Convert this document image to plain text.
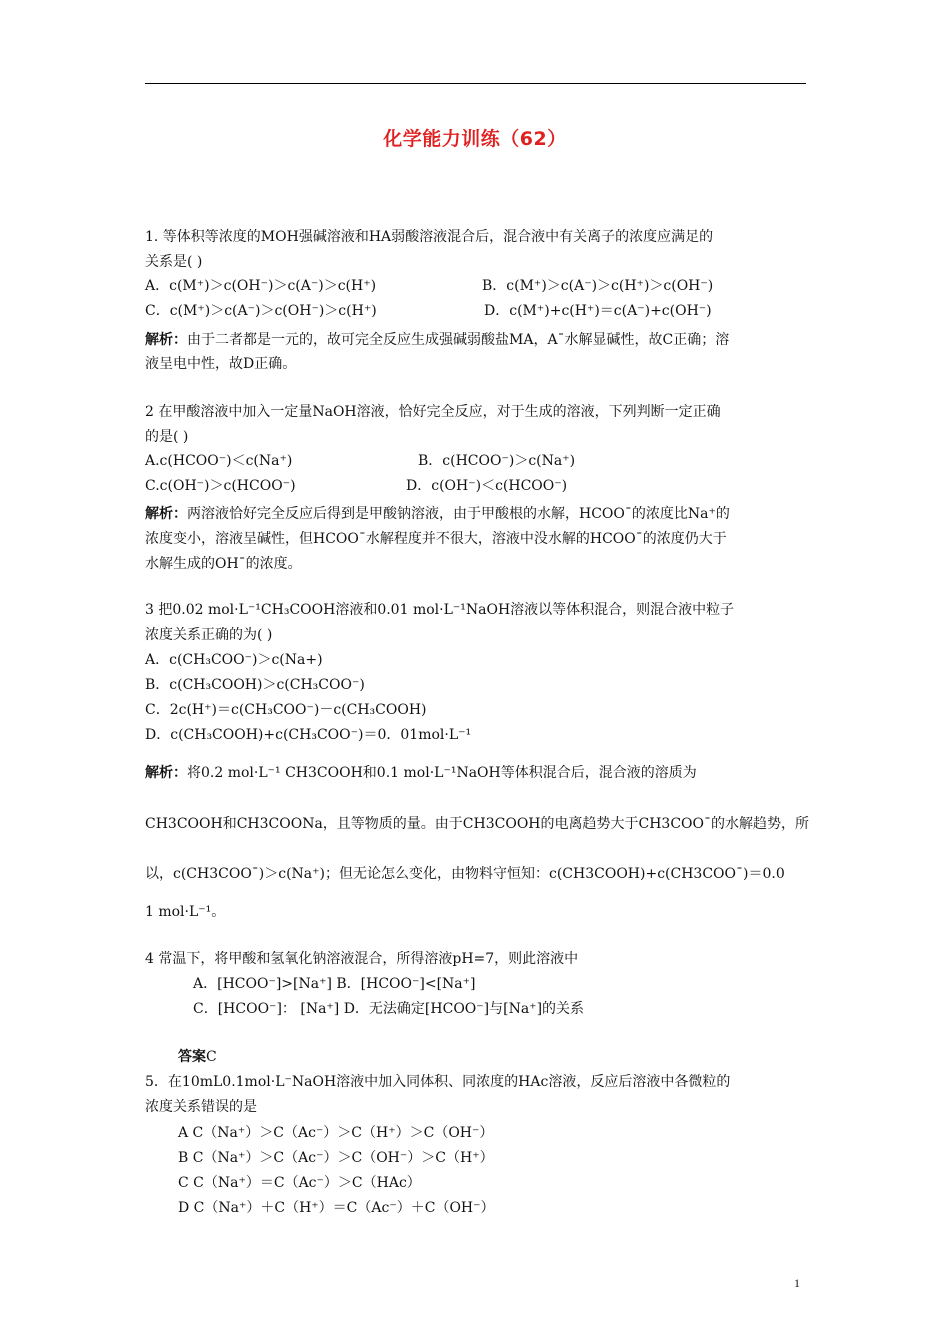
化学能力训练（62）
1. 等体积等浓度的MOH强碱溶液和HA弱酸溶液混合后，混合液中有关离子的浓度应满足的
关系是( )
A．c(M⁺)＞c(OH⁻)＞c(A⁻)＞c(H⁺)
C．c(M⁺)＞c(A⁻)＞c(OH⁻)＞c(H⁺)
解析：由于二者都是一元的，故可完全反应生成强碱弱酸盐MA，A¯水解显碱性，故C正确；溶
液呈电中性，故D正确。
2 在甲酸溶液中加入一定量NaOH溶液，恰好完全反应，对于生成的溶液，下列判断一定正确
的是( )
A.c(HCOO⁻)＜c(Na⁺)
C.c(OH⁻)＞c(HCOO⁻)
解析：两溶液恰好完全反应后得到是甲酸钠溶液，由于甲酸根的水解，HCOO¯的浓度比Na⁺的
浓度变小，溶液呈碱性，但HCOO¯水解程度并不很大，溶液中没水解的HCOO¯的浓度仍大于
水解生成的OH¯的浓度。
3 把0.02 mol·L⁻¹CH₃COOH溶液和0.01 mol·L⁻¹NaOH溶液以等体积混合，则混合液中粒子
浓度关系正确的为( )
A．c(CH₃COO⁻)＞c(Na+)
B．c(CH₃COOH)＞c(CH₃COO⁻)
C．2c(H⁺)＝c(CH₃COO⁻)－c(CH₃COOH)
D．c(CH₃COOH)+c(CH₃COO⁻)＝0．01mol·L⁻¹
解析：将0.2 mol·L⁻¹ CH3COOH和0.1 mol·L⁻¹NaOH等体积混合后，混合液的溶质为
CH3COOH和CH3COONa，且等物质的量。由于CH3COOH的电离趋势大于CH3COO¯的水解趋势，所
以，c(CH3COO¯)＞c(Na⁺)；但无论怎么变化，由物料守恒知：c(CH3COOH)+c(CH3COO¯)＝0.0
1 mol·L⁻¹。
4 常温下，将甲酸和氢氧化钠溶液混合，所得溶液pH=7，则此溶液中
答案C
5．在10mL0.1mol·L⁻NaOH溶液中加入同体积、同浓度的HAc溶液，反应后溶液中各微粒的
浓度关系错误的是
B．c(M⁺)＞c(A⁻)＞c(H⁺)＞c(OH⁻)
D．c(M⁺)+c(H⁺)＝c(A⁻)+c(OH⁻)
B．c(HCOO⁻)＞c(Na⁺)
D．c(OH⁻)＜c(HCOO⁻)
A．[HCOO⁻]>[Na⁺] B．[HCOO⁻]<[Na⁺]
C．[HCOO⁻]： [Na⁺] D．无法确定[HCOO⁻]与[Na⁺]的关系
A C（Na⁺）＞C（Ac⁻）＞C（H⁺）＞C（OH⁻）
B C（Na⁺）＞C（Ac⁻）＞C（OH⁻）＞C（H⁺）
C C（Na⁺）＝C（Ac⁻）＞C（HAc）
D C（Na⁺）＋C（H⁺）＝C（Ac⁻）＋C（OH⁻）
1
